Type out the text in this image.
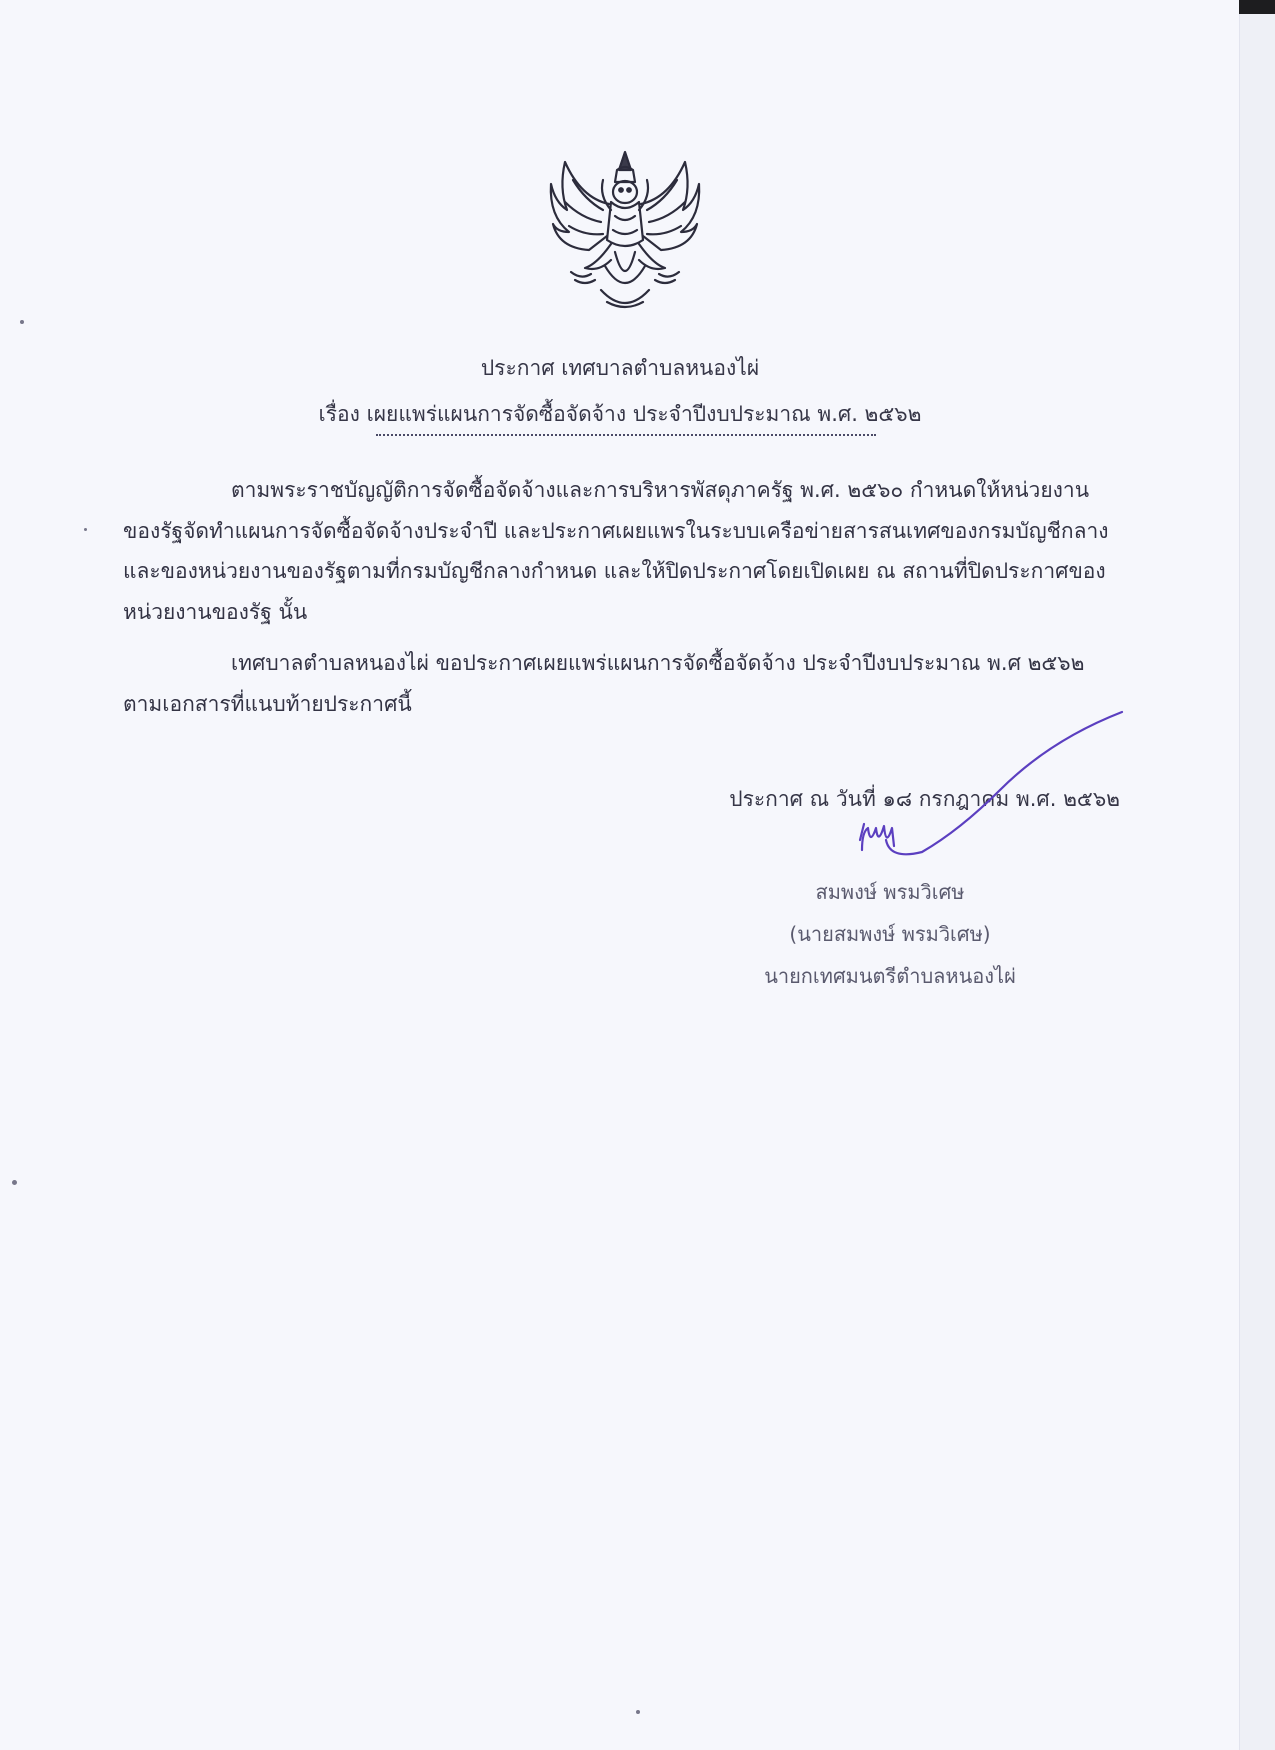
ประกาศ เทศบาลตำบลหนองไผ่
เรื่อง เผยแพร่แผนการจัดซื้อจัดจ้าง ประจำปีงบประมาณ พ.ศ. ๒๕๖๒
ตามพระราชบัญญัติการจัดซื้อจัดจ้างและการบริหารพัสดุภาครัฐ พ.ศ. ๒๕๖๐ กำหนดให้หน่วยงานของรัฐจัดทำแผนการจัดซื้อจัดจ้างประจำปี และประกาศเผยแพรในระบบเครือข่ายสารสนเทศของกรมบัญชีกลางและของหน่วยงานของรัฐตามที่กรมบัญชีกลางกำหนด และให้ปิดประกาศโดยเปิดเผย ณ สถานที่ปิดประกาศของหน่วยงานของรัฐ นั้น
เทศบาลตำบลหนองไผ่ ขอประกาศเผยแพร่แผนการจัดซื้อจัดจ้าง ประจำปีงบประมาณ พ.ศ ๒๕๖๒ ตามเอกสารที่แนบท้ายประกาศนี้
ประกาศ ณ วันที่ ๑๘ กรกฎาคม พ.ศ. ๒๕๖๒
สมพงษ์ พรมวิเศษ
(นายสมพงษ์ พรมวิเศษ)
นายกเทศมนตรีตำบลหนองไผ่
